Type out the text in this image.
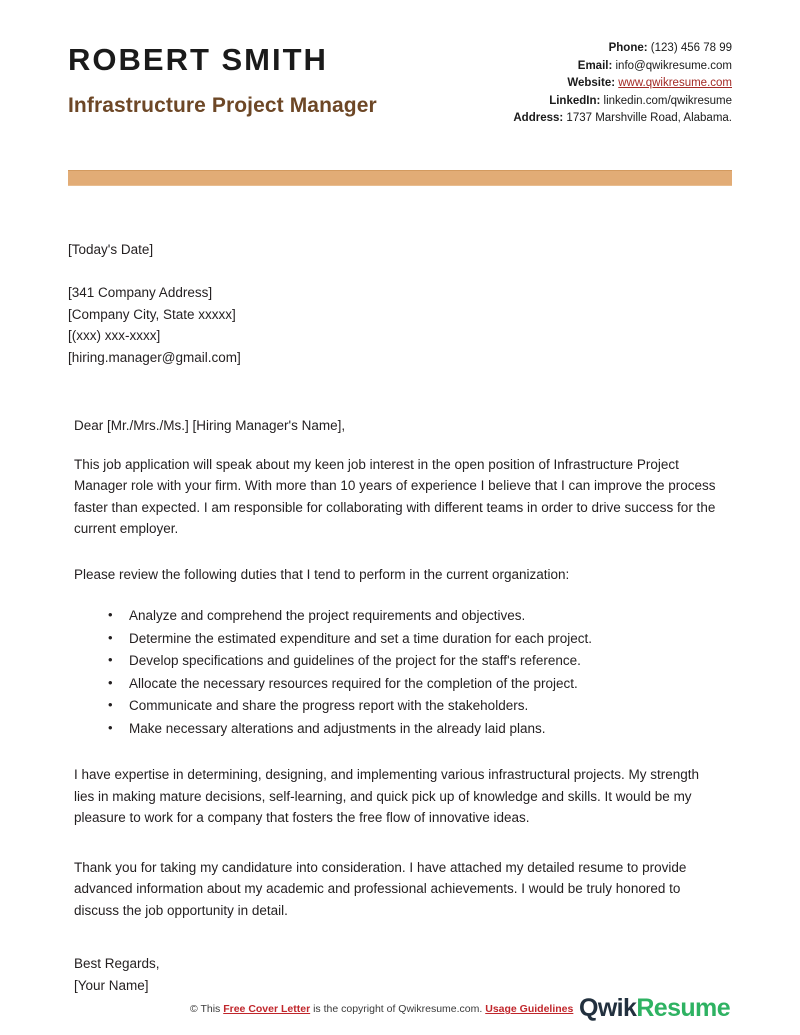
ROBERT SMITH
Infrastructure Project Manager
Phone: (123) 456 78 99
Email: info@qwikresume.com
Website: www.qwikresume.com
LinkedIn: linkedin.com/qwikresume
Address: 1737 Marshville Road, Alabama.
[Today's Date]
[341 Company Address]
[Company City, State xxxxx]
[(xxx) xxx-xxxx]
[hiring.manager@gmail.com]
Dear [Mr./Mrs./Ms.] [Hiring Manager's Name],
This job application will speak about my keen job interest in the open position of Infrastructure Project Manager role with your firm. With more than 10 years of experience I believe that I can improve the process faster than expected. I am responsible for collaborating with different teams in order to drive success for the current employer.
Please review the following duties that I tend to perform in the current organization:
• Analyze and comprehend the project requirements and objectives.
• Determine the estimated expenditure and set a time duration for each project.
• Develop specifications and guidelines of the project for the staff's reference.
• Allocate the necessary resources required for the completion of the project.
• Communicate and share the progress report with the stakeholders.
• Make necessary alterations and adjustments in the already laid plans.
I have expertise in determining, designing, and implementing various infrastructural projects. My strength lies in making mature decisions, self-learning, and quick pick up of knowledge and skills. It would be my pleasure to work for a company that fosters the free flow of innovative ideas.
Thank you for taking my candidature into consideration. I have attached my detailed resume to provide advanced information about my academic and professional achievements. I would be truly honored to discuss the job opportunity in detail.
Best Regards,
[Your Name]
© This Free Cover Letter is the copyright of Qwikresume.com. Usage Guidelines QwikResume
